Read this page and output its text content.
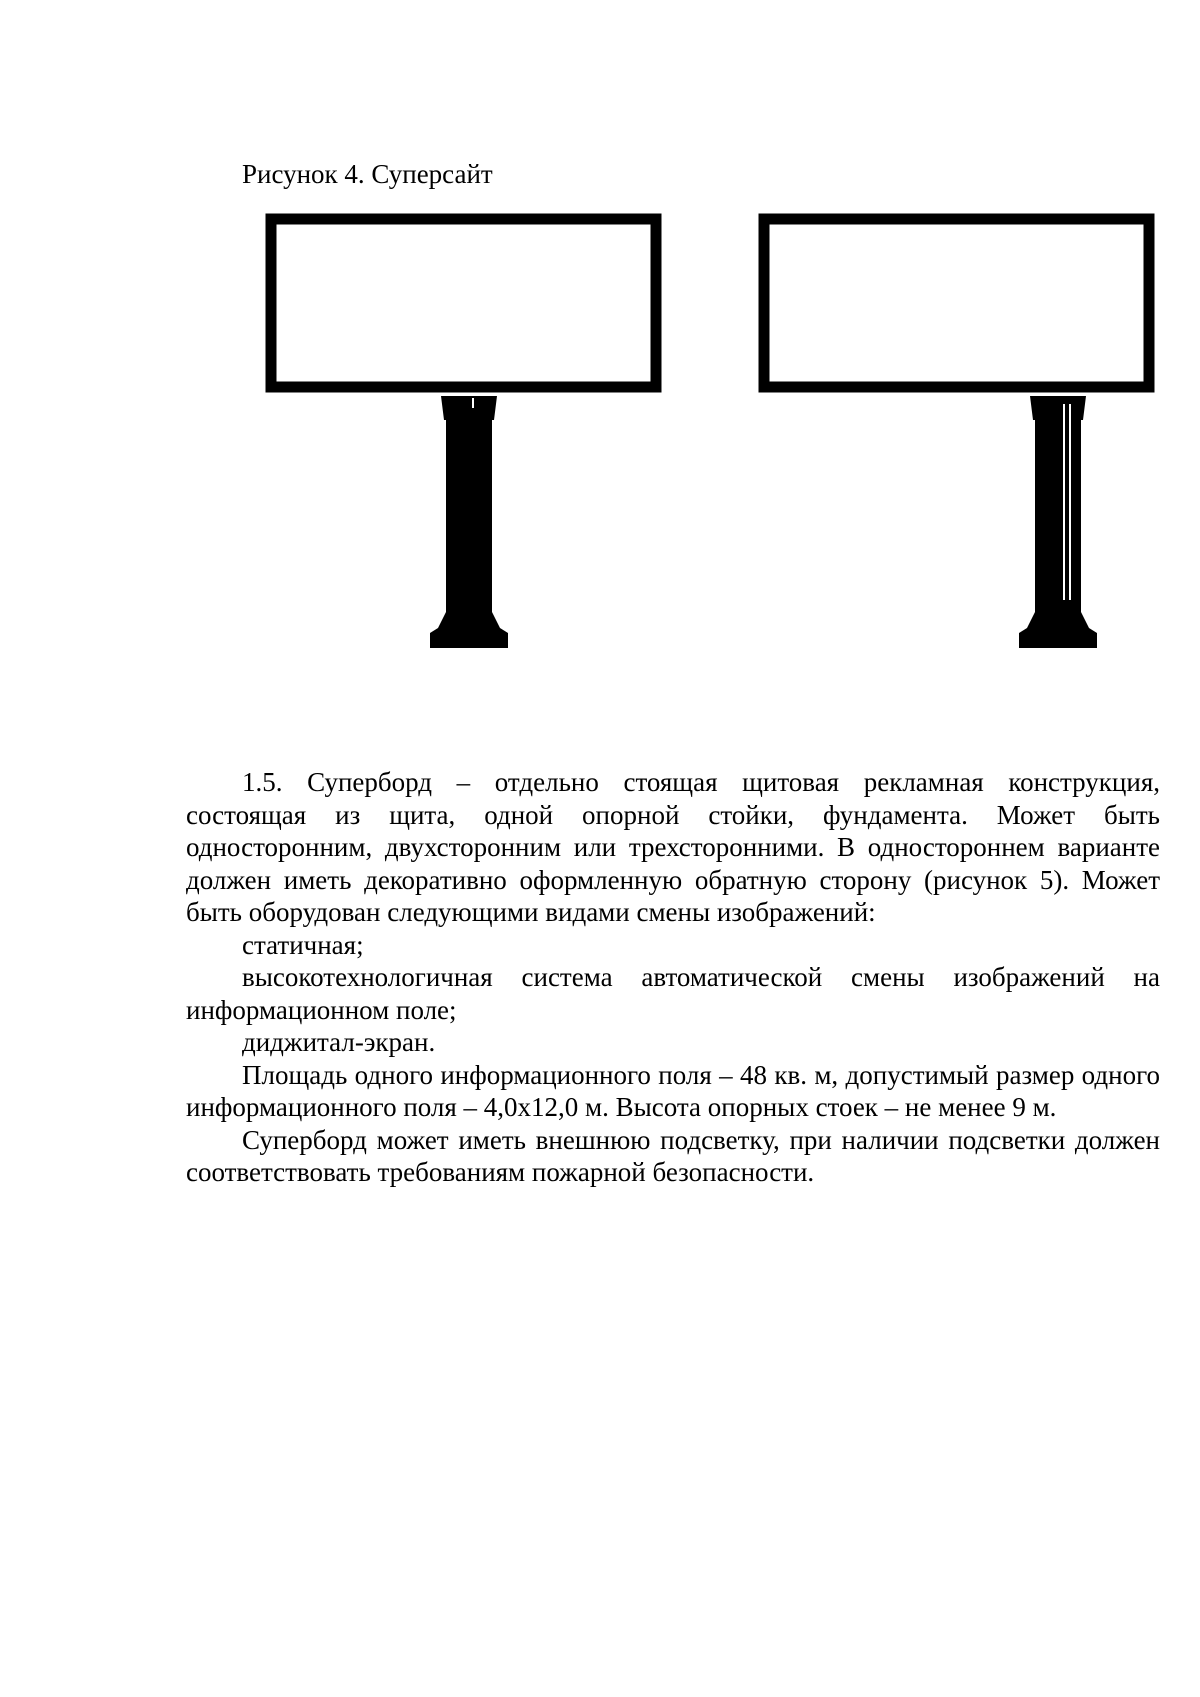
Рисунок 4. Суперсайт

1.5. Суперборд – отдельно стоящая щитовая рекламная конструкция, состоящая из щита, одной опорной стойки, фундамента. Может быть односторонним, двухсторонним или трехсторонними. В одностороннем варианте должен иметь декоративно оформленную обратную сторону (рисунок 5). Может быть оборудован следующими видами смены изображений:

статичная;

высокотехнологичная система автоматической смены изображений на информационном поле;

диджитал-экран.

Площадь одного информационного поля – 48 кв. м, допустимый размер одного информационного поля – 4,0x12,0 м. Высота опорных стоек – не менее 9 м.

Суперборд может иметь внешнюю подсветку, при наличии подсветки должен соответствовать требованиям пожарной безопасности.
